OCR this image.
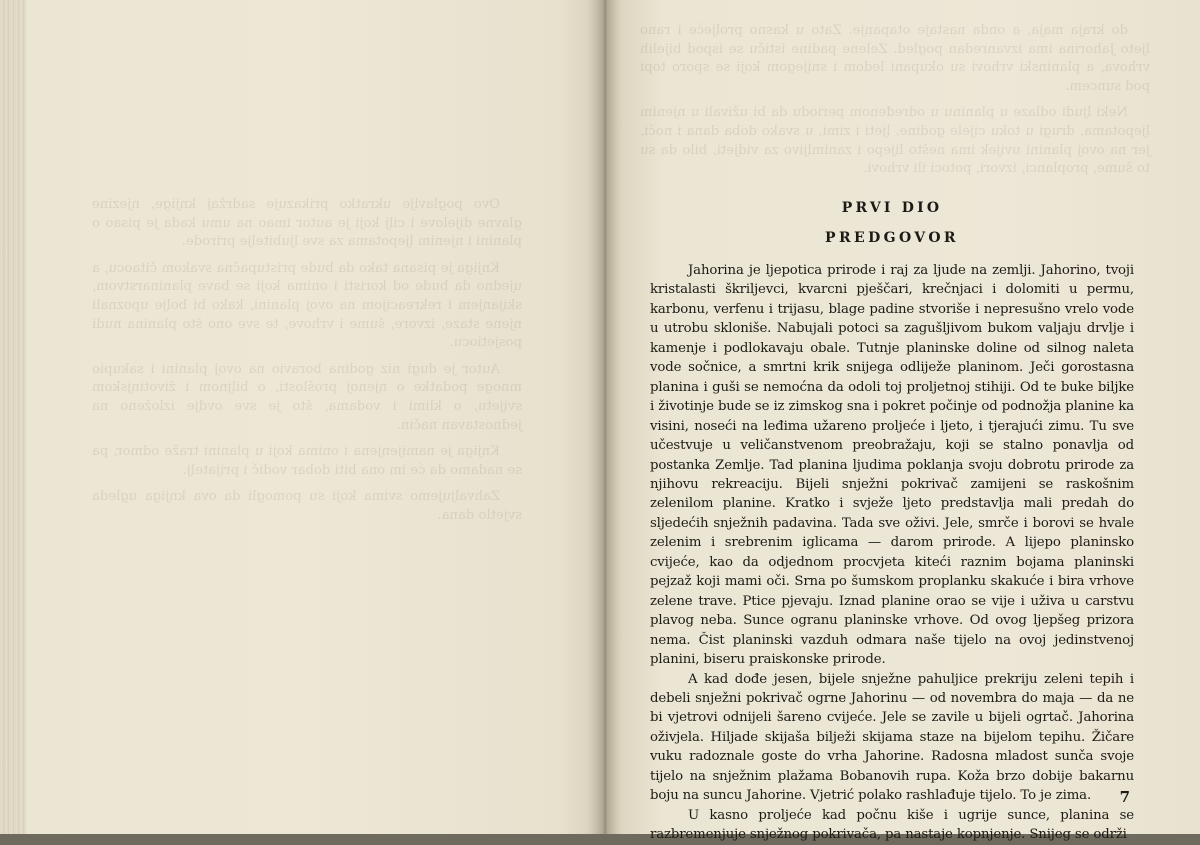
Ovo poglavlje ukratko prikazuje sadržaj knjige, njezine glavne dijelove i cilj koji je autor imao na umu kada je pisao o planini i njenim ljepotama za sve ljubitelje prirode.

Knjiga je pisana tako da bude pristupačna svakom čitaocu, a ujedno da bude od koristi i onima koji se bave planinarstvom, skijanjem i rekreacijom na ovoj planini, kako bi bolje upoznali njene staze, izvore, šume i vrhove, te sve ono što planina nudi posjetiocu.

Autor je dugi niz godina boravio na ovoj planini i sakupio mnoge podatke o njenoj prošlosti, o biljnom i životinjskom svijetu, o klimi i vodama, što je sve ovdje izloženo na jednostavan način.

Knjiga je namijenjena i onima koji u planini traže odmor, pa se nadamo da će im ona biti dobar vodič i prijatelj.

Zahvaljujemo svima koji su pomogli da ova knjiga ugleda svjetlo dana.

do kraja maja, a onda nastaje otapanje. Zato u kasno proljeće i rano ljeto Jahorina ima izvanredan pogled. Zelene padine ističu se ispod bijelih vrhova, a planinski vrhovi su okupani ledom i snijegom koji se sporo topi pod suncem.

Neki ljudi odlaze u planinu u određenom periodu da bi uživali u njenim ljepotama, drugi u toku cijele godine, ljeti i zimi, u svako doba dana i noći, jer na ovoj planini uvijek ima nešto lijepo i zanimljivo za vidjeti, bilo da su to šume, proplanci, izvori, potoci ili vrhovi.

PRVI DIO
PREDGOVOR

Jahorina je ljepotica prirode i raj za ljude na zemlji. Jahorino, tvoji kristalasti škriljevci, kvarcni pješčari, krečnjaci i dolomiti u permu, karbonu, verfenu i trijasu, blage padine stvoriše i nepresušno vrelo vode u utrobu skloniše. Nabujali potoci sa zagušljivom bukom valjaju drvlje i kamenje i podlokavaju obale. Tutnje planinske doline od silnog naleta vode sočnice, a smrtni krik snijega odliježe planinom. Ječi gorostasna planina i guši se nemoćna da odoli toj proljetnoj stihiji. Od te buke biljke i životinje bude se iz zimskog sna i pokret počinje od podnožja planine ka visini, noseći na leđima užareno proljeće i ljeto, i tjerajući zimu. Tu sve učestvuje u veličanstvenom preobražaju, koji se stalno ponavlja od postanka Zemlje. Tad planina ljudima poklanja svoju dobrotu prirode za njihovu rekreaciju. Bijeli snježni pokrivač zamijeni se raskošnim zelenilom planine. Kratko i svježe ljeto predstavlja mali predah do sljedećih snježnih padavina. Tada sve oživi. Jele, smrče i borovi se hvale zelenim i srebrenim iglicama — darom prirode. A lijepo planinsko cvijeće, kao da odjednom procvjeta kiteći raznim bojama planinski pejzaž koji mami oči. Srna po šumskom proplanku skakuće i bira vrhove zelene trave. Ptice pjevaju. Iznad planine orao se vije i uživa u carstvu plavog neba. Sunce ogranu planinske vrhove. Od ovog ljepšeg prizora nema. Čist planinski vazduh odmara naše tijelo na ovoj jedinstvenoj planini, biseru praiskonske prirode.

A kad dođe jesen, bijele snježne pahuljice prekriju zeleni tepih i debeli snježni pokrivač ogrne Jahorinu — od novembra do maja — da ne bi vjetrovi odnijeli šareno cvijeće. Jele se zavile u bijeli ogrtač. Jahorina oživjela. Hiljade skijaša bilježi skijama staze na bijelom tepihu. Žičare vuku radoznale goste do vrha Jahorine. Radosna mladost sunča svoje tijelo na snježnim plažama Bobanovih rupa. Koža brzo dobije bakarnu boju na suncu Jahorine. Vjetrić polako rashlađuje tijelo. To je zima.

U kasno proljeće kad počnu kiše i ugrije sunce, planina se razbremenjuje snježnog pokrivača, pa nastaje kopnjenje. Snijeg se održi

7
